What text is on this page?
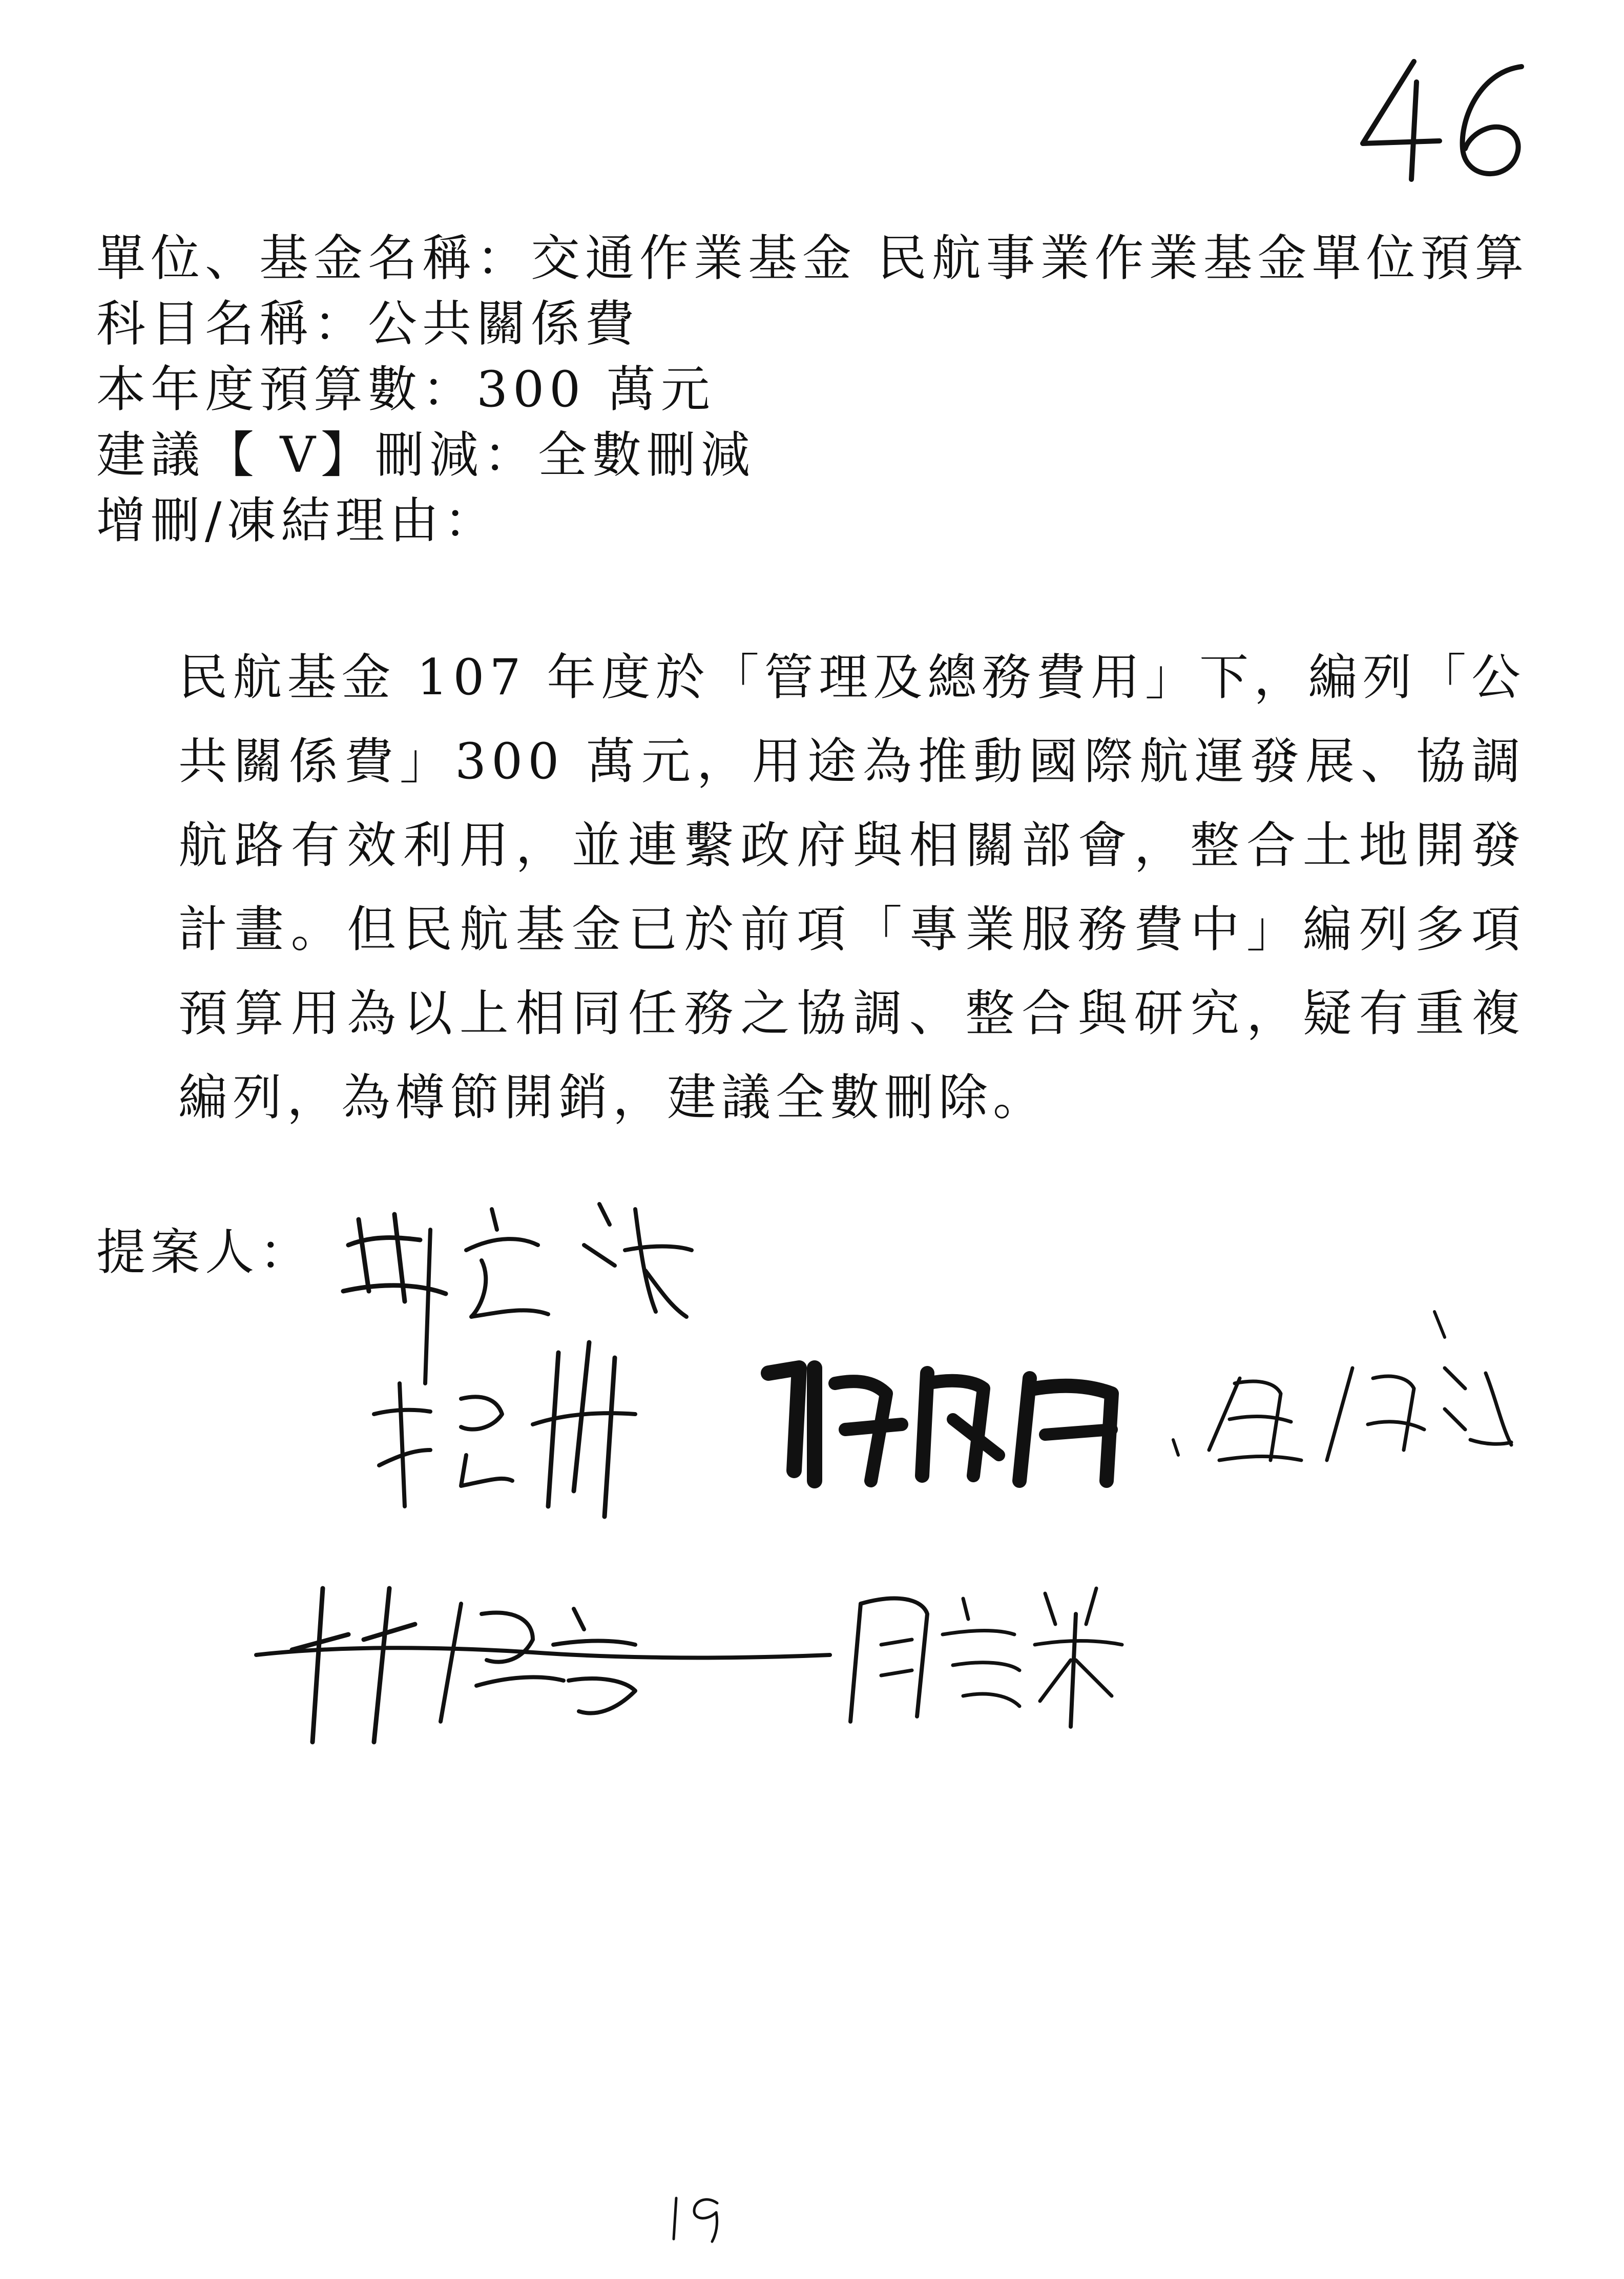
單位、基金名稱：交通作業基金 民航事業作業基金單位預算
科目名稱：公共關係費
本年度預算數：300 萬元
建議【 V】刪減：全數刪減
增刪/凍結理由：

民航基金 107 年度於「管理及總務費用」下，編列「公共關係費」300 萬元，用途為推動國際航運發展、協調航路有效利用，並連繫政府與相關部會，整合土地開發計畫。但民航基金已於前項「專業服務費中」編列多項預算用為以上相同任務之協調、整合與研究，疑有重複編列，為樽節開銷，建議全數刪除。

提案人：
